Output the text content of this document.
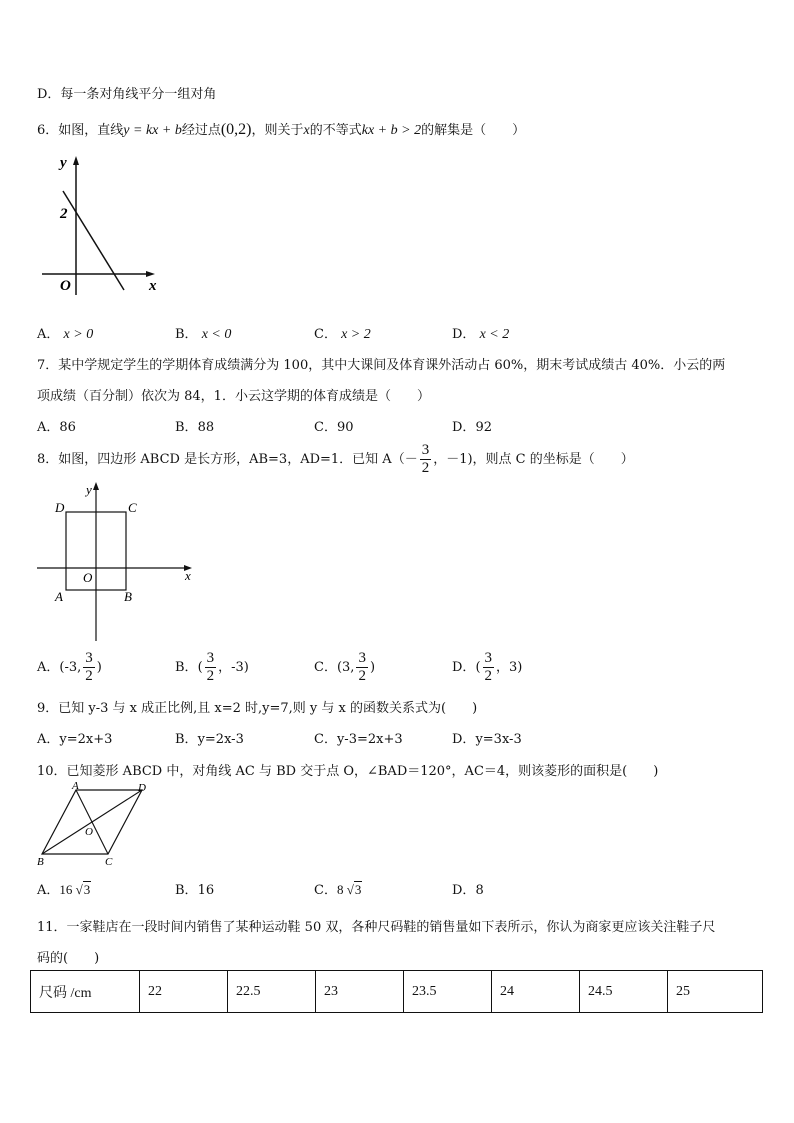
D．每一条对角线平分一组对角
6．如图，直线y = kx + b经过点(0,2)，则关于x的不等式kx + b > 2的解集是（　　）
y
x
O
2
A． x > 0	B． x < 0	C． x > 2	D． x < 2
7．某中学规定学生的学期体育成绩满分为 100，其中大课间及体育课外活动占 60%，期末考试成绩古 40%．小云的两
项成绩（百分制）依次为 84，1．小云这学期的体育成绩是（　　）
A．86	B．88	C．90	D．92
8．如图，四边形 ABCD 是长方形，AB=3，AD=1．已知 $A(- \frac{3}{2}$ ，－1)，则点 C 的坐标是（　　）
y
x
O
D	C
A	B
A．(-3, $\frac{3}{2}$ )	B．( $\frac{3}{2}$ ，-3)	C．(3, $\frac{3}{2}$ )	D．( $\frac{3}{2}$ ，3)
9．已知 y-3 与 x 成正比例,且 x=2 时,y=7,则 y 与 x 的函数关系式为(　　)
A．y=2x+3	B．y=2x-3	C．y-3=2x+3	D．y=3x-3
10．已知菱形 ABCD 中，对角线 AC 与 BD 交于点 O，∠BAD＝120°，AC＝4，则该菱形的面积是(　　)
A	D
B	C
O
A．16 √3	B．16	C．8 √3	D．8
11．一家鞋店在一段时间内销售了某种运动鞋 50 双，各种尺码鞋的销售量如下表所示，你认为商家更应该关注鞋子尺
码的(　　)
尺码 /cm	22	22.5	23	23.5	24	24.5	25
